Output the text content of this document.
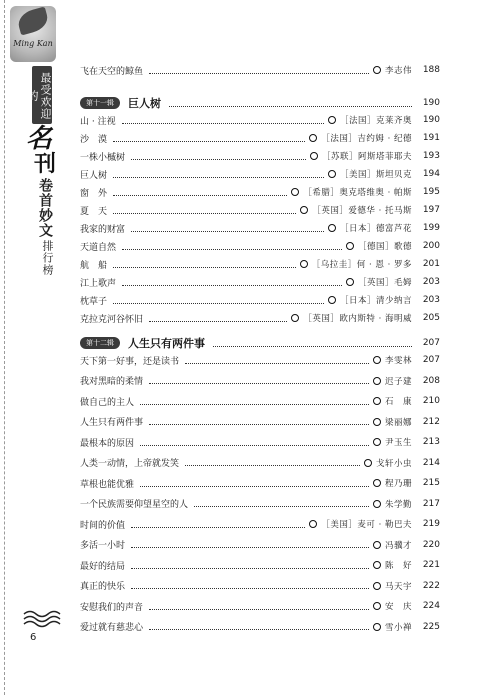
Ming Kan
最受欢迎的
名
刊
卷首妙文
排行榜
6
飞在天空的鲸鱼	李志伟	188
第十一辑	巨人树	190
山 · 注视	［法国］克莱齐奥	190
沙　漠	［法国］吉约姆 · 纪德	191
一株小槭树	［苏联］阿斯塔菲耶夫	193
巨人树	［美国］斯坦贝克	194
窗　外	［希腊］奥克塔维奥 · 帕斯	195
夏　天	［英国］爱德华 · 托马斯	197
我家的财富	［日本］德富芦花	199
天道自然	［德国］歌德	200
航　船	［乌拉圭］何 · 恩 · 罗多	201
江上歌声	［英国］毛姆	203
枕草子	［日本］清少纳言	203
克拉克河谷怀旧	［英国］欧内斯特 · 海明威	205
第十二辑	人生只有两件事	207
天下第一好事，还是读书	李雯林	207
我对黑暗的柔情	迟子建	208
做自己的主人	石　康	210
人生只有两件事	梁丽娜	212
最根本的原因	尹玉生	213
人类一动情，上帝就发笑	戈轩小虫	214
草根也能优雅	程乃珊	215
一个民族需要仰望星空的人	朱学勤	217
时间的价值	［美国］麦可 · 勒巴夫	219
多活一小时	冯骥才	220
最好的结局	陈　好	221
真正的快乐	马天宇	222
安慰我们的声音	安　庆	224
爱过就有慈悲心	雪小禅	225
